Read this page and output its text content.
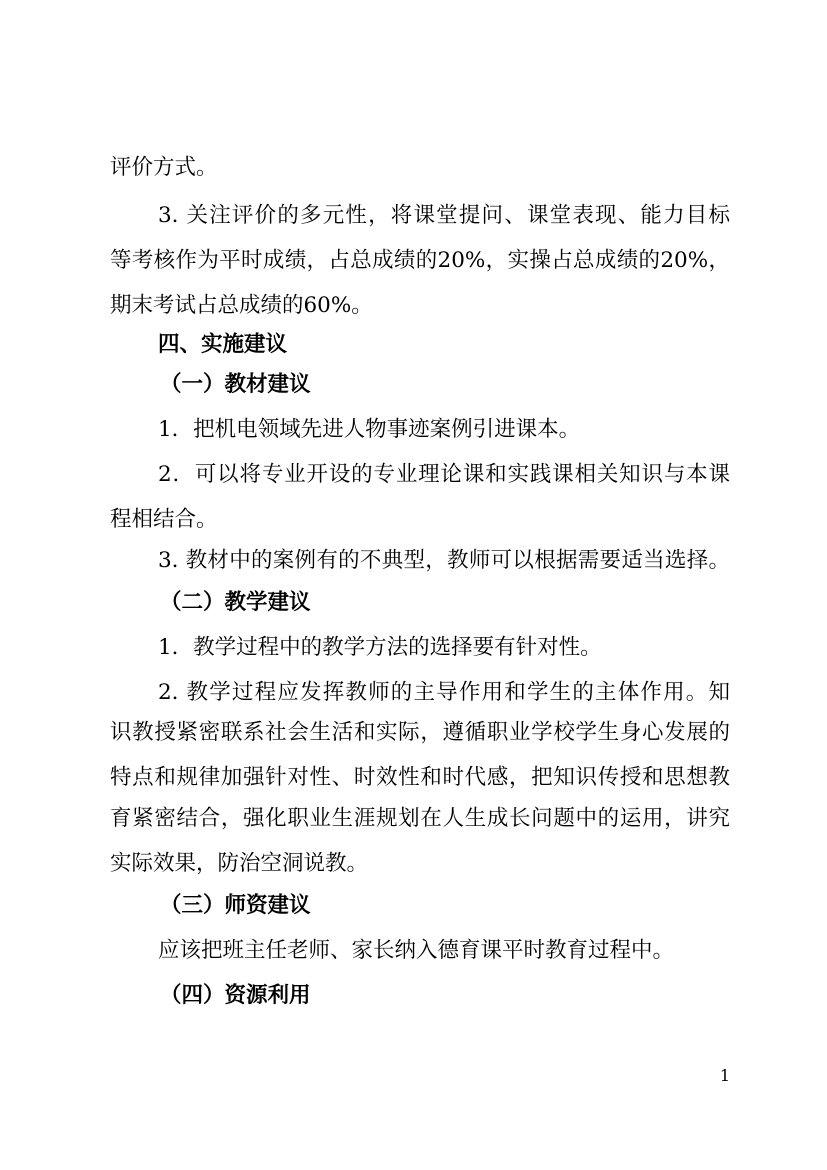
评价方式。
3. 关注评价的多元性，将课堂提问、课堂表现、能力目标
等考核作为平时成绩，占总成绩的20%，实操占总成绩的20%，
期末考试占总成绩的60%。
四、实施建议
（一）教材建议
1．把机电领域先进人物事迹案例引进课本。
2．可以将专业开设的专业理论课和实践课相关知识与本课
程相结合。
3. 教材中的案例有的不典型，教师可以根据需要适当选择。
（二）教学建议
1．教学过程中的教学方法的选择要有针对性。
2. 教学过程应发挥教师的主导作用和学生的主体作用。知
识教授紧密联系社会生活和实际，遵循职业学校学生身心发展的
特点和规律加强针对性、时效性和时代感，把知识传授和思想教
育紧密结合，强化职业生涯规划在人生成长问题中的运用，讲究
实际效果，防治空洞说教。
（三）师资建议
应该把班主任老师、家长纳入德育课平时教育过程中。
（四）资源利用
1
